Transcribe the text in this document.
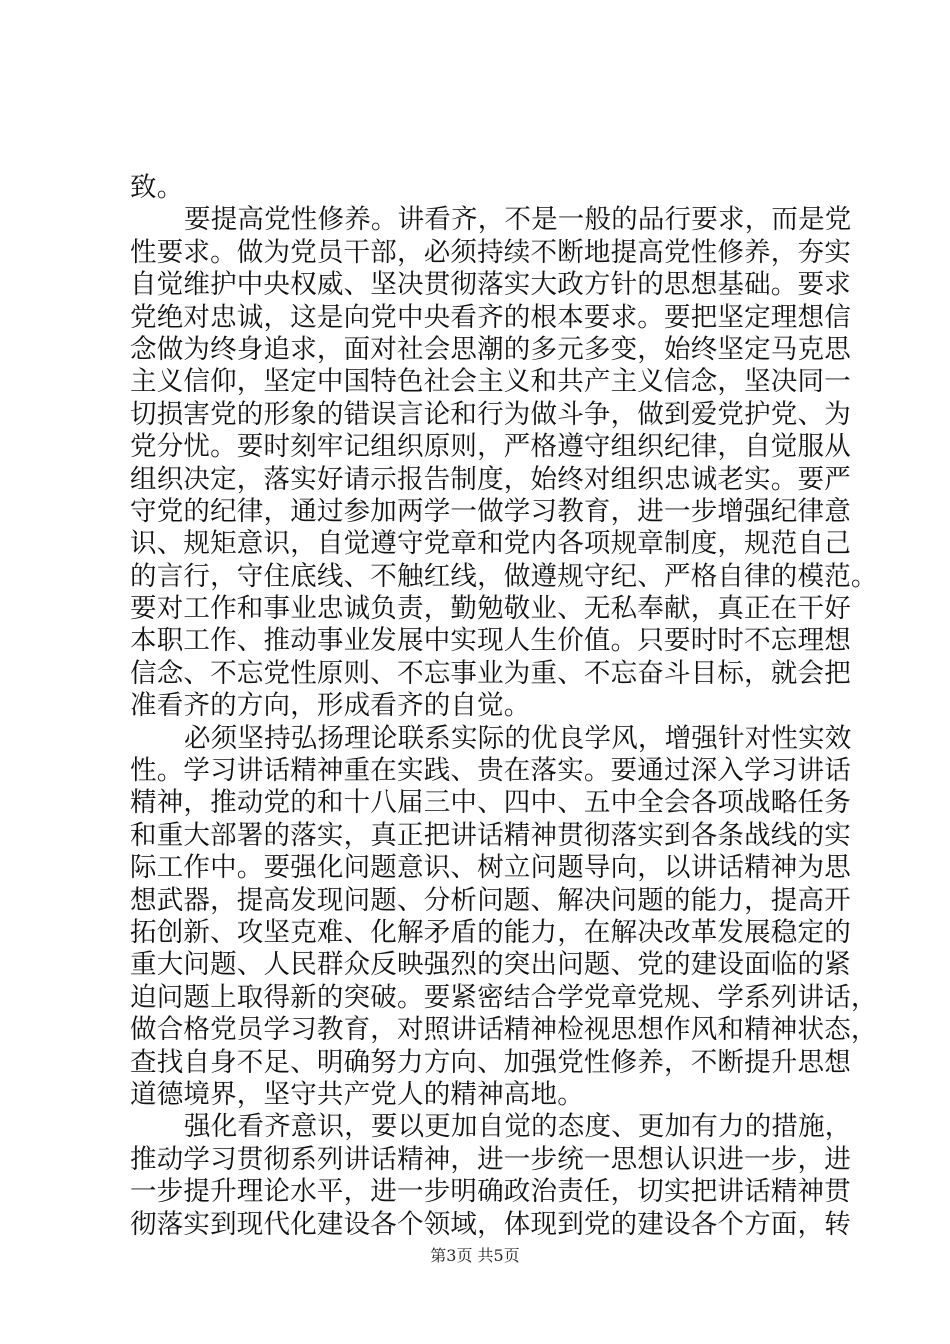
致。
要提高党性修养。讲看齐，不是一般的品行要求，而是党
性要求。做为党员干部，必须持续不断地提高党性修养，夯实
自觉维护中央权威、坚决贯彻落实大政方针的思想基础。要求
党绝对忠诚，这是向党中央看齐的根本要求。要把坚定理想信
念做为终身追求，面对社会思潮的多元多变，始终坚定马克思
主义信仰，坚定中国特色社会主义和共产主义信念，坚决同一
切损害党的形象的错误言论和行为做斗争，做到爱党护党、为
党分忧。要时刻牢记组织原则，严格遵守组织纪律，自觉服从
组织决定，落实好请示报告制度，始终对组织忠诚老实。要严
守党的纪律，通过参加两学一做学习教育，进一步增强纪律意
识、规矩意识，自觉遵守党章和党内各项规章制度，规范自己
的言行，守住底线、不触红线，做遵规守纪、严格自律的模范。
要对工作和事业忠诚负责，勤勉敬业、无私奉献，真正在干好
本职工作、推动事业发展中实现人生价值。只要时时不忘理想
信念、不忘党性原则、不忘事业为重、不忘奋斗目标，就会把
准看齐的方向，形成看齐的自觉。
必须坚持弘扬理论联系实际的优良学风，增强针对性实效
性。学习讲话精神重在实践、贵在落实。要通过深入学习讲话
精神，推动党的和十八届三中、四中、五中全会各项战略任务
和重大部署的落实，真正把讲话精神贯彻落实到各条战线的实
际工作中。要强化问题意识、树立问题导向，以讲话精神为思
想武器，提高发现问题、分析问题、解决问题的能力，提高开
拓创新、攻坚克难、化解矛盾的能力，在解决改革发展稳定的
重大问题、人民群众反映强烈的突出问题、党的建设面临的紧
迫问题上取得新的突破。要紧密结合学党章党规、学系列讲话，
做合格党员学习教育，对照讲话精神检视思想作风和精神状态，
查找自身不足、明确努力方向、加强党性修养，不断提升思想
道德境界，坚守共产党人的精神高地。
强化看齐意识，要以更加自觉的态度、更加有力的措施，
推动学习贯彻系列讲话精神，进一步统一思想认识进一步，进
一步提升理论水平，进一步明确政治责任，切实把讲话精神贯
彻落实到现代化建设各个领域，体现到党的建设各个方面，转
第3页 共5页
